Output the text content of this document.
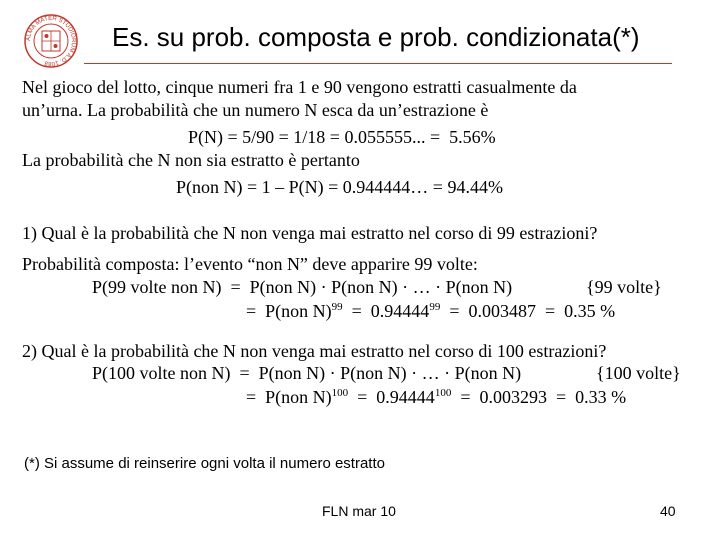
ALMA MATER STUDIORUM A.D. 1088
Es. su prob. composta e prob. condizionata(*)
Nel gioco del lotto, cinque numeri fra 1 e 90 vengono estratti casualmente da
un’urna. La probabilità che un numero N esca da un’estrazione è
P(N) = 5/90 = 1/18 = 0.055555... =  5.56%
La probabilità che N non sia estratto è pertanto
P(non N) = 1 – P(N) = 0.944444… = 94.44%
1) Qual è la probabilità che N non venga mai estratto nel corso di 99 estrazioni?
Probabilità composta: l’evento “non N” deve apparire 99 volte:
P(99 volte non N)  =  P(non N) · P(non N) · … · P(non N)	{99 volte}
=  P(non N)$^{99}$  =  0.94444$^{99}$  =  0.003487  =  0.35 %
2) Qual è la probabilità che N non venga mai estratto nel corso di 100 estrazioni?
P(100 volte non N)  =  P(non N) · P(non N) · … · P(non N)	{100 volte}
=  P(non N)$^{100}$  =  0.94444$^{100}$  =  0.003293  =  0.33 %
(*) Si assume di reinserire ogni volta il numero estratto
FLN mar 10	40
